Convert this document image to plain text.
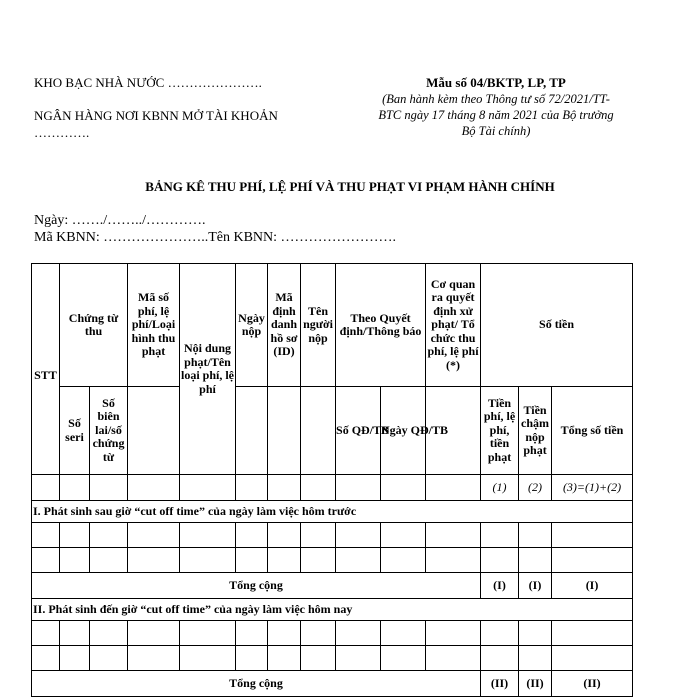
KHO BẠC NHÀ NƯỚC ………………….
NGÂN HÀNG NƠI KBNN MỞ TÀI KHOẢN
………….
Mẫu số 04/BKTP, LP, TP
(Ban hành kèm theo Thông tư số 72/2021/TT-
BTC ngày 17 tháng 8 năm 2021 của Bộ trưởng
Bộ Tài chính)
BẢNG KÊ THU PHÍ, LỆ PHÍ VÀ THU PHẠT VI PHẠM HÀNH CHÍNH
Ngày: ……./……../………….
Mã KBNN: …………………..Tên KBNN: …………………….
STT	Chứng từ thu		Mã số phí, lệ phí/Loại hình thu phạt	Nội dung phạt/Tên loại phí, lệ phí	Ngày nộp	Mã định danh hồ sơ (ID)	Tên người nộp	Theo Quyết định/Thông báo		Cơ quan ra quyết định xử phạt/ Tổ chức thu phí, lệ phí (*)	Số tiền		
	Số seri	Số biên lai/số chứng từ						Số QĐ/TB	Ngày QĐ/TB		Tiền phí, lệ phí, tiền phạt	Tiền chậm nộp phạt	Tổng số tiền
											(1)	(2)	(3)=(1)+(2)
I. Phát sinh sau giờ “cut off time” của ngày làm việc hôm trước													

Tổng cộng											(I)	(I)	(I)
II. Phát sinh đến giờ “cut off time” của ngày làm việc hôm nay													

Tổng cộng											(II)	(II)	(II)
